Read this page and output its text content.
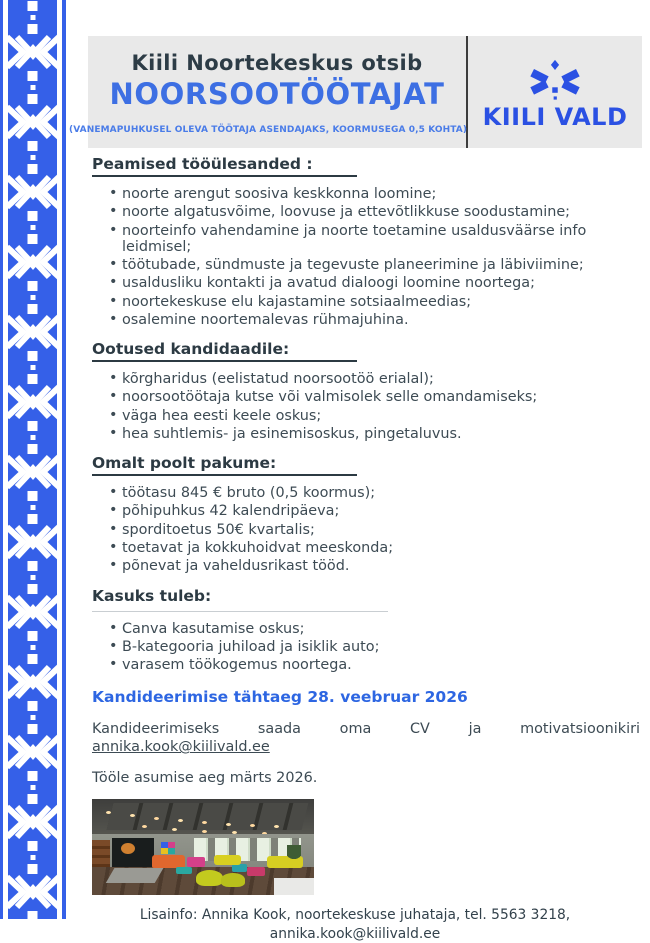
Kiili Noortekeskus otsib
NOORSOOTÖÖTAJAT
(VANEMAPUHKUSEL OLEVA TÖÖTAJA ASENDAJAKS, KOORMUSEGA 0,5 KOHTA) KIILI VALD
Peamised tööülesanded :
• noorte arengut soosiva keskkonna loomine;
• noorte algatusvõime, loovuse ja ettevõtlikkuse soodustamine;
• noorteinfo vahendamine ja noorte toetamine usaldusväärse info leidmisel;
• töötubade, sündmuste ja tegevuste planeerimine ja läbiviimine;
• usaldusliku kontakti ja avatud dialoogi loomine noortega;
• noortekeskuse elu kajastamine sotsiaalmeedias;
• osalemine noortemalevas rühmajuhina.
Ootused kandidaadile:
• kõrgharidus (eelistatud noorsootöö erialal);
• noorsootöötaja kutse või valmisolek selle omandamiseks;
• väga hea eesti keele oskus;
• hea suhtlemis- ja esinemisoskus, pingetaluvus.
Omalt poolt pakume:
• töötasu 845 € bruto (0,5 koormus);
• põhipuhkus 42 kalendripäeva;
• sporditoetus 50€ kvartalis;
• toetavat ja kokkuhoidvat meeskonda;
• põnevat ja vaheldusrikast tööd.
Kasuks tuleb:
• Canva kasutamise oskus;
• B-kategooria juhiload ja isiklik auto;
• varasem töökogemus noortega.

Kandideerimise tähtaeg 28. veebruar 2026

Kandideerimiseks saada oma CV ja motivatsioonikiri annika.kook@kiilivald.ee

Tööle asumise aeg märts 2026.

Lisainfo: Annika Kook, noortekeskuse juhataja, tel. 5563 3218,
annika.kook@kiilivald.ee
